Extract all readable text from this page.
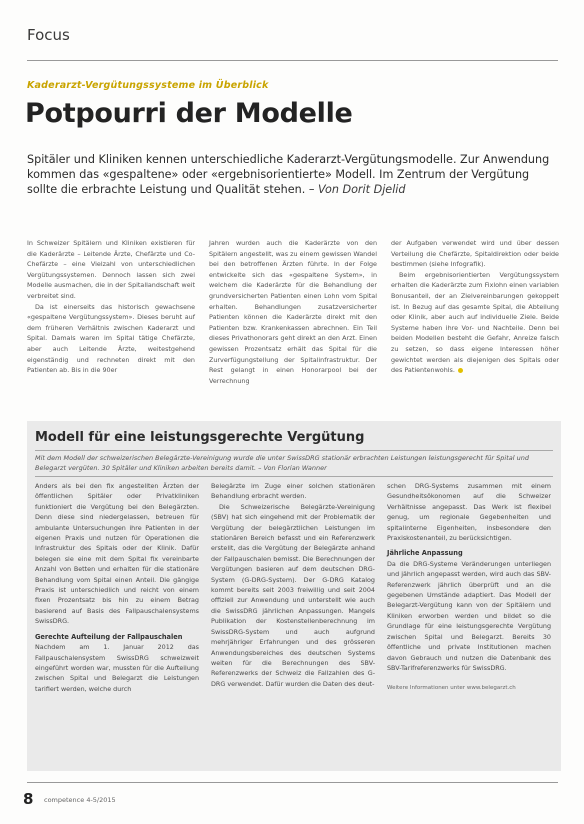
Focus
Kaderarzt-Vergütungssysteme im Überblick
Potpourri der Modelle
Spitäler und Kliniken kennen unterschiedliche Kaderarzt-Vergütungsmodelle. Zur Anwendung kommen das «gespaltene» oder «ergebnisorientierte» Modell. Im Zentrum der Vergütung sollte die erbrachte Leistung und Qualität stehen. – Von Dorit Djelid

In Schweizer Spitälern und Kliniken existieren für die Kaderärzte – Leitende Ärzte, Chefärzte und Co-Chefärzte – eine Vielzahl von unterschiedlichen Vergütungssystemen. Dennoch lassen sich zwei Modelle ausmachen, die in der Spitallandschaft weit verbreitet sind.

Da ist einerseits das historisch gewachsene «gespaltene Vergütungssystem». Dieses beruht auf dem früheren Verhältnis zwischen Kaderarzt und Spital. Damals waren im Spital tätige Chefärzte, aber auch Leitende Ärzte, weitestgehend eigenständig und rechneten direkt mit den Patienten ab. Bis in die 90er

Jahren wurden auch die Kaderärzte von den Spitälern angestellt, was zu einem gewissen Wandel bei den betroffenen Ärzten führte. In der Folge entwickelte sich das «gespaltene System», in welchem die Kaderärzte für die Behandlung der grundversicherten Patienten einen Lohn vom Spital erhalten. Behandlungen zusatzversicherter Patienten können die Kaderärzte direkt mit den Patienten bzw. Krankenkassen abrechnen. Ein Teil dieses Privathonorars geht direkt an den Arzt. Einen gewissen Prozentsatz erhält das Spital für die Zurverfügungstellung der Spitalinfrastruktur. Der Rest gelangt in einen Honorarpool bei der Verrechnung

der Aufgaben verwendet wird und über dessen Verteilung die Chefärzte, Spitaldirektion oder beide bestimmen (siehe Infografik).

Beim ergebnisorientierten Vergütungssystem erhalten die Kaderärzte zum Fixlohn einen variablen Bonusanteil, der an Zielvereinbarungen gekoppelt ist. In Bezug auf das gesamte Spital, die Abteilung oder Klinik, aber auch auf individuelle Ziele. Beide Systeme haben ihre Vor- und Nachteile. Denn bei beiden Modellen besteht die Gefahr, Anreize falsch zu setzen, so dass eigene Interessen höher gewichtet werden als diejenigen des Spitals oder des Patientenwohls.

Modell für eine leistungsgerechte Vergütung
Mit dem Modell der schweizerischen Belegärzte-Vereinigung wurde die unter SwissDRG stationär erbrachten Leistungen leistungsgerecht für Spital und Belegarzt vergüten. 30 Spitäler und Kliniken arbeiten bereits damit. – Von Florian Wanner

Anders als bei den fix angestellten Ärzten der öffentlichen Spitäler oder Privatkliniken funktioniert die Vergütung bei den Belegärzten. Denn diese sind niedergelassen, betreuen für ambulante Untersuchungen ihre Patienten in der eigenen Praxis und nutzen für Operationen die Infrastruktur des Spitals oder der Klinik. Dafür belegen sie eine mit dem Spital fix vereinbarte Anzahl von Betten und erhalten für die stationäre Behandlung vom Spital einen Anteil. Die gängige Praxis ist unterschiedlich und reicht von einem fixen Prozentsatz bis hin zu einem Betrag basierend auf Basis des Fallpauschalensystems SwissDRG.

Gerechte Aufteilung der Fallpauschalen

Nachdem am 1. Januar 2012 das Fallpauschalensystem SwissDRG schweizweit eingeführt worden war, mussten für die Aufteilung zwischen Spital und Belegarzt die Leistungen tarifiert werden, welche durch

Belegärzte im Zuge einer solchen stationären Behandlung erbracht werden.

Die Schweizerische Belegärzte-Vereinigung (SBV) hat sich eingehend mit der Problematik der Vergütung der belegärztlichen Leistungen im stationären Bereich befasst und ein Referenzwerk erstellt, das die Vergütung der Belegärzte anhand der Fallpauschalen bemisst. Die Berechnungen der Vergütungen basieren auf dem deutschen DRG-System (G-DRG-System). Der G-DRG Katalog kommt bereits seit 2003 freiwillig und seit 2004 offiziell zur Anwendung und unterstellt wie auch die SwissDRG jährlichen Anpassungen. Mangels Publikation der Kostenstellenberechnung im SwissDRG-System und auch aufgrund mehrjähriger Erfahrungen und des grösseren Anwendungsbereiches des deutschen Systems weiten für die Berechnungen des SBV-Referenzwerks der Schweiz die Fallzahlen des G-DRG verwendet. Dafür wurden die Daten des deut-

schen DRG-Systems zusammen mit einem Gesundheitsökonomen auf die Schweizer Verhältnisse angepasst. Das Werk ist flexibel genug, um regionale Gegebenheiten und spitalinterne Eigenheiten, insbesondere den Praxiskostenanteil, zu berücksichtigen.

Jährliche Anpassung

Da die DRG-Systeme Veränderungen unterliegen und jährlich angepasst werden, wird auch das SBV-Referenzwerk jährlich überprüft und an die gegebenen Umstände adaptiert. Das Modell der Belegarzt-Vergütung kann von der Spitälern und Kliniken erworben werden und bildet so die Grundlage für eine leistungsgerechte Vergütung zwischen Spital und Belegarzt. Bereits 30 öffentliche und private Institutionen machen davon Gebrauch und nutzen die Datenbank des SBV-Tarifreferenzwerks für SwissDRG.

Weitere Informationen unter www.belegarzt.ch
8 competence 4-5/2015
